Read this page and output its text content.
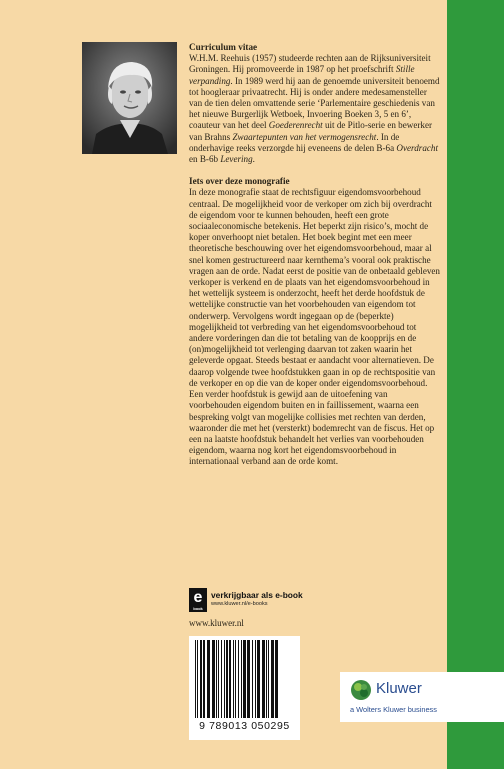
Curriculum vitae

W.H.M. Reehuis (1957) studeerde rechten aan de Rijksuniversiteit Groningen. Hij promoveerde in 1987 op het proefschrift Stille verpanding. In 1989 werd hij aan de genoemde universiteit benoemd tot hoogleraar privaatrecht. Hij is onder andere medesamensteller van de tien delen omvattende serie ‘Parlementaire geschiedenis van het nieuwe Burgerlijk Wetboek, Invoering Boeken 3, 5 en 6’, coauteur van het deel Goederenrecht uit de Pitlo-serie en bewerker van Brahns Zwaartepunten van het vermogensrecht. In de onderhavige reeks verzorgde hij eveneens de delen B-6a Overdracht en B-6b Levering.

Iets over deze monografie

In deze monografie staat de rechtsfiguur eigendomsvoorbehoud centraal. De mogelijkheid voor de verkoper om zich bij overdracht de eigendom voor te kunnen behouden, heeft een grote sociaaleconomische betekenis. Het beperkt zijn risico’s, mocht de koper onverhoopt niet betalen. Het boek begint met een meer theoretische beschouwing over het eigendomsvoorbehoud, maar al snel komen gestructureerd naar kernthema’s vooral ook praktische vragen aan de orde. Nadat eerst de positie van de onbetaald gebleven verkoper is verkend en de plaats van het eigendomsvoorbehoud in het wettelijk systeem is onderzocht, heeft het derde hoofdstuk de wettelijke constructie van het voorbehouden van eigendom tot onderwerp. Vervolgens wordt ingegaan op de (beperkte) mogelijkheid tot verbreding van het eigendomsvoorbehoud tot andere vorderingen dan die tot betaling van de koopprijs en de (on)mogelijkheid tot verlenging daarvan tot zaken waarin het geleverde opgaat. Steeds bestaat er aandacht voor alternatieven. De daarop volgende twee hoofdstukken gaan in op de rechtspositie van de verkoper en op die van de koper onder eigendomsvoorbehoud. Een verder hoofdstuk is gewijd aan de uitoefening van voorbehouden eigendom buiten en in faillissement, waarna een bespreking volgt van mogelijke collisies met rechten van derden, waaronder die met het (versterkt) bodemrecht van de fiscus. Het op een na laatste hoofdstuk behandelt het verlies van voorbehouden eigendom, waarna nog kort het eigendomsvoorbehoud in internationaal verband aan de orde komt.

e
book
verkrijgbaar als e-book
www.kluwer.nl/e-books
www.kluwer.nl
9 789013 050295
Kluwer
a Wolters Kluwer business
